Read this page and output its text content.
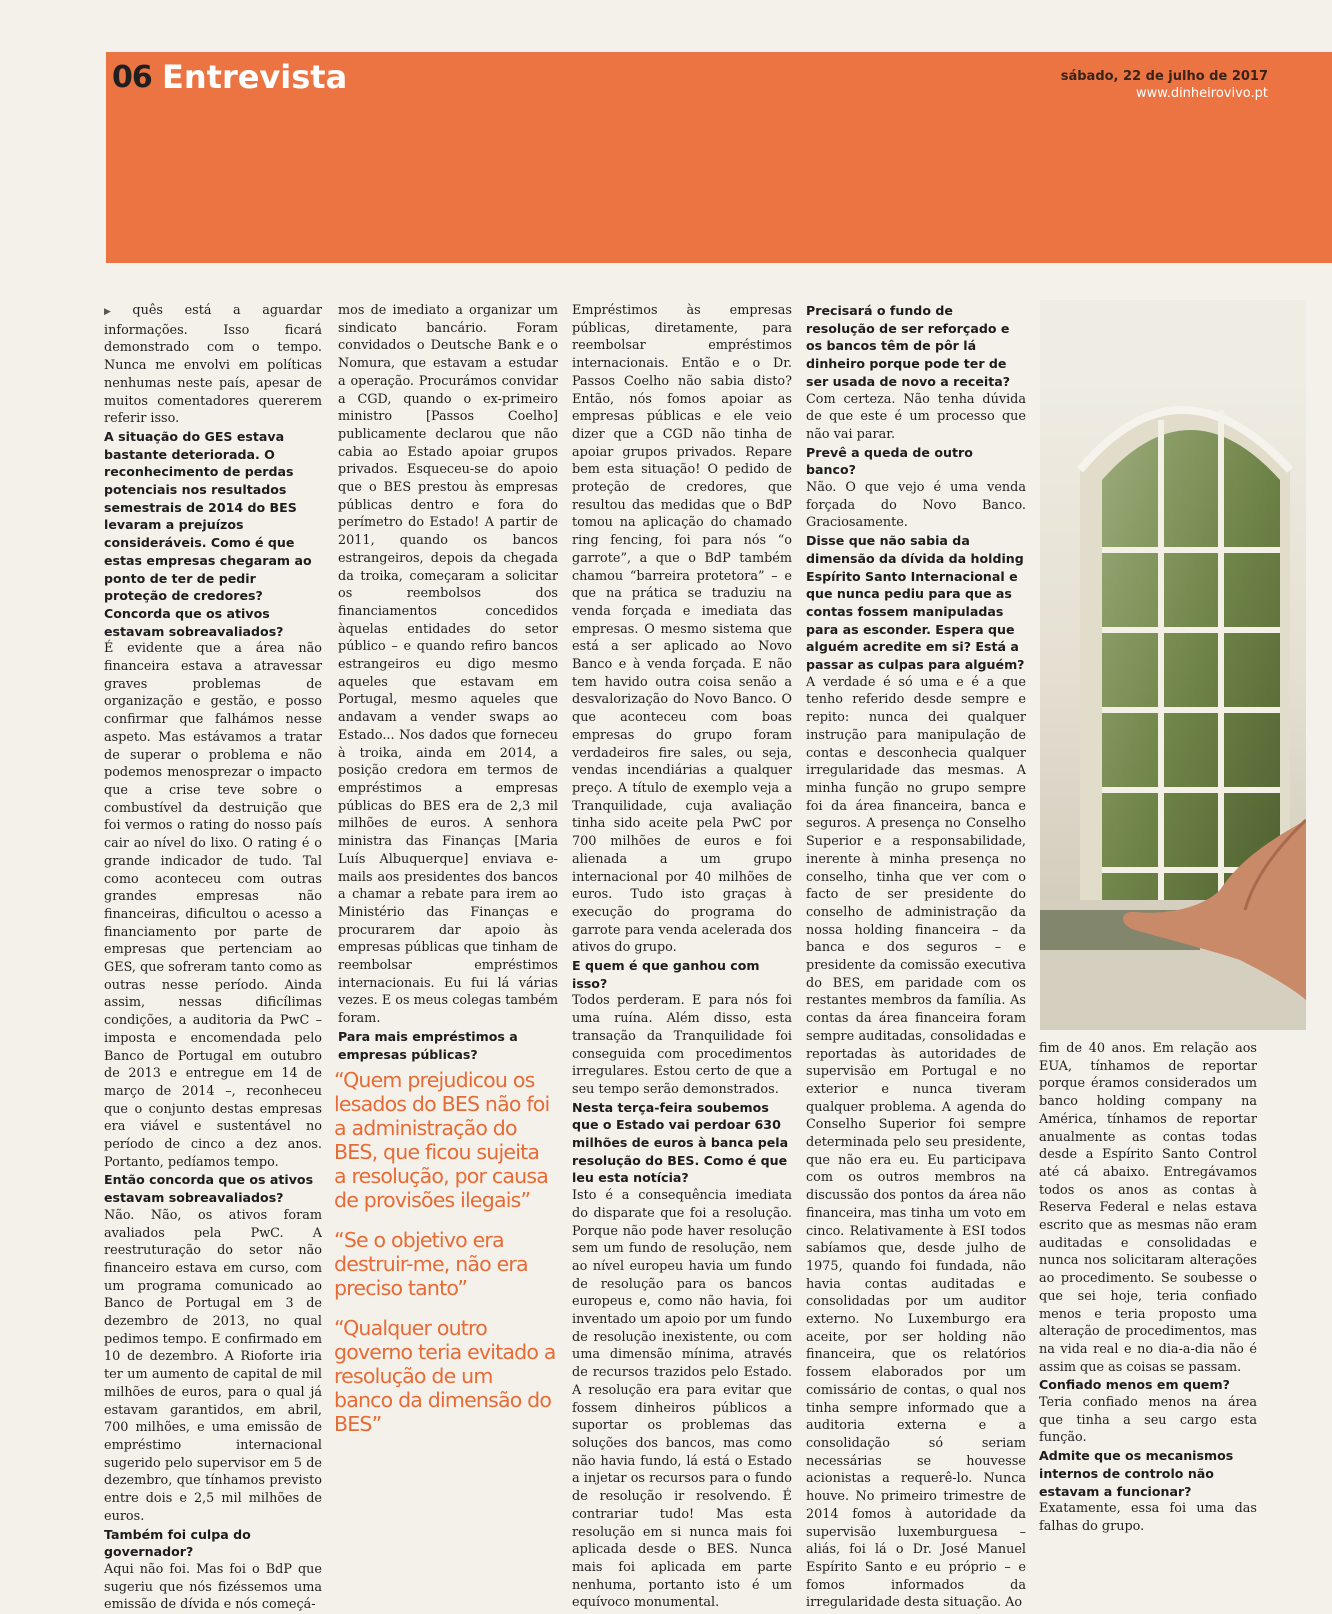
06 Entrevista	sábado, 22 de julho de 2017
www.dinheirovivo.pt

▶ quês está a aguardar informações. Isso ficará demonstrado com o tempo. Nunca me envolvi em políticas nenhumas neste país, apesar de muitos comentadores quererem referir isso.

A situação do GES estava bastante deteriorada. O reconhecimento de perdas potenciais nos resultados semestrais de 2014 do BES levaram a prejuízos consideráveis. Como é que estas empresas chegaram ao ponto de ter de pedir proteção de credores? Concorda que os ativos estavam sobreavaliados?

É evidente que a área não financeira estava a atravessar graves problemas de organização e gestão, e posso confirmar que falhámos nesse aspeto. Mas estávamos a tratar de superar o problema e não podemos menosprezar o impacto que a crise teve sobre o combustível da destruição que foi vermos o rating do nosso país cair ao nível do lixo. O rating é o grande indicador de tudo. Tal como aconteceu com outras grandes empresas não financeiras, dificultou o acesso a financiamento por parte de empresas que pertenciam ao GES, que sofreram tanto como as outras nesse período. Ainda assim, nessas dificílimas condições, a auditoria da PwC – imposta e encomendada pelo Banco de Portugal em outubro de 2013 e entregue em 14 de março de 2014 –, reconheceu que o conjunto destas empresas era viável e sustentável no período de cinco a dez anos. Portanto, pedíamos tempo.

Então concorda que os ativos estavam sobreavaliados?

Não. Não, os ativos foram avaliados pela PwC. A reestruturação do setor não financeiro estava em curso, com um programa comunicado ao Banco de Portugal em 3 de dezembro de 2013, no qual pedimos tempo. E confirmado em 10 de dezembro. A Rioforte iria ter um aumento de capital de mil milhões de euros, para o qual já estavam garantidos, em abril, 700 milhões, e uma emissão de empréstimo internacional sugerido pelo supervisor em 5 de dezembro, que tínhamos previsto entre dois e 2,5 mil milhões de euros.

Também foi culpa do governador?

Aqui não foi. Mas foi o BdP que sugeriu que nós fizéssemos uma emissão de dívida e nós começá-

mos de imediato a organizar um sindicato bancário. Foram convidados o Deutsche Bank e o Nomura, que estavam a estudar a operação. Procurámos convidar a CGD, quando o ex-primeiro ministro [Passos Coelho] publicamente declarou que não cabia ao Estado apoiar grupos privados. Esqueceu-se do apoio que o BES prestou às empresas públicas dentro e fora do perímetro do Estado! A partir de 2011, quando os bancos estrangeiros, depois da chegada da troika, começaram a solicitar os reembolsos dos financiamentos concedidos àquelas entidades do setor público – e quando refiro bancos estrangeiros eu digo mesmo aqueles que estavam em Portugal, mesmo aqueles que andavam a vender swaps ao Estado... Nos dados que forneceu à troika, ainda em 2014, a posição credora em termos de empréstimos a empresas públicas do BES era de 2,3 mil milhões de euros. A senhora ministra das Finanças [Maria Luís Albuquerque] enviava e-mails aos presidentes dos bancos a chamar a rebate para irem ao Ministério das Finanças e procurarem dar apoio às empresas públicas que tinham de reembolsar empréstimos internacionais. Eu fui lá várias vezes. E os meus colegas também foram.

Para mais empréstimos a empresas públicas?

“Quem prejudicou os lesados do BES não foi a administração do BES, que ficou sujeita a resolução, por causa de provisões ilegais”

“Se o objetivo era destruir-me, não era preciso tanto”

“Qualquer outro governo teria evitado a resolução de um banco da dimensão do BES”

Empréstimos às empresas públicas, diretamente, para reembolsar empréstimos internacionais. Então e o Dr. Passos Coelho não sabia disto? Então, nós fomos apoiar as empresas públicas e ele veio dizer que a CGD não tinha de apoiar grupos privados. Repare bem esta situação! O pedido de proteção de credores, que resultou das medidas que o BdP tomou na aplicação do chamado ring fencing, foi para nós “o garrote”, a que o BdP também chamou “barreira protetora” – e que na prática se traduziu na venda forçada e imediata das empresas. O mesmo sistema que está a ser aplicado ao Novo Banco e à venda forçada. E não tem havido outra coisa senão a desvalorização do Novo Banco. O que aconteceu com boas empresas do grupo foram verdadeiros fire sales, ou seja, vendas incendiárias a qualquer preço. A título de exemplo veja a Tranquilidade, cuja avaliação tinha sido aceite pela PwC por 700 milhões de euros e foi alienada a um grupo internacional por 40 milhões de euros. Tudo isto graças à execução do programa do garrote para venda acelerada dos ativos do grupo.

E quem é que ganhou com isso?

Todos perderam. E para nós foi uma ruína. Além disso, esta transação da Tranquilidade foi conseguida com procedimentos irregulares. Estou certo de que a seu tempo serão demonstrados.

Nesta terça-feira soubemos que o Estado vai perdoar 630 milhões de euros à banca pela resolução do BES. Como é que leu esta notícia?

Isto é a consequência imediata do disparate que foi a resolução. Porque não pode haver resolução sem um fundo de resolução, nem ao nível europeu havia um fundo de resolução para os bancos europeus e, como não havia, foi inventado um apoio por um fundo de resolução inexistente, ou com uma dimensão mínima, através de recursos trazidos pelo Estado. A resolução era para evitar que fossem dinheiros públicos a suportar os problemas das soluções dos bancos, mas como não havia fundo, lá está o Estado a injetar os recursos para o fundo de resolução ir resolvendo. É contrariar tudo! Mas esta resolução em si nunca mais foi aplicada desde o BES. Nunca mais foi aplicada em parte nenhuma, portanto isto é um equívoco monumental.

Precisará o fundo de resolução de ser reforçado e os bancos têm de pôr lá dinheiro porque pode ter de ser usada de novo a receita?

Com certeza. Não tenha dúvida de que este é um processo que não vai parar.

Prevê a queda de outro banco?

Não. O que vejo é uma venda forçada do Novo Banco. Graciosamente.

Disse que não sabia da dimensão da dívida da holding Espírito Santo Internacional e que nunca pediu para que as contas fossem manipuladas para as esconder. Espera que alguém acredite em si? Está a passar as culpas para alguém?

A verdade é só uma e é a que tenho referido desde sempre e repito: nunca dei qualquer instrução para manipulação de contas e desconhecia qualquer irregularidade das mesmas. A minha função no grupo sempre foi da área financeira, banca e seguros. A presença no Conselho Superior e a responsabilidade, inerente à minha presença no conselho, tinha que ver com o facto de ser presidente do conselho de administração da nossa holding financeira – da banca e dos seguros – e presidente da comissão executiva do BES, em paridade com os restantes membros da família. As contas da área financeira foram sempre auditadas, consolidadas e reportadas às autoridades de supervisão em Portugal e no exterior e nunca tiveram qualquer problema. A agenda do Conselho Superior foi sempre determinada pelo seu presidente, que não era eu. Eu participava com os outros membros na discussão dos pontos da área não financeira, mas tinha um voto em cinco. Relativamente à ESI todos sabíamos que, desde julho de 1975, quando foi fundada, não havia contas auditadas e consolidadas por um auditor externo. No Luxemburgo era aceite, por ser holding não financeira, que os relatórios fossem elaborados por um comissário de contas, o qual nos tinha sempre informado que a auditoria externa e a consolidação só seriam necessárias se houvesse acionistas a requerê-lo. Nunca houve. No primeiro trimestre de 2014 fomos à autoridade da supervisão luxemburguesa – aliás, foi lá o Dr. José Manuel Espírito Santo e eu próprio – e fomos informados da irregularidade desta situação. Ao

fim de 40 anos. Em relação aos EUA, tínhamos de reportar porque éramos considerados um banco holding company na América, tínhamos de reportar anualmente as contas todas desde a Espírito Santo Control até cá abaixo. Entregávamos todos os anos as contas à Reserva Federal e nelas estava escrito que as mesmas não eram auditadas e consolidadas e nunca nos solicitaram alterações ao procedimento. Se soubesse o que sei hoje, teria confiado menos e teria proposto uma alteração de procedimentos, mas na vida real e no dia-a-dia não é assim que as coisas se passam.

Confiado menos em quem?

Teria confiado menos na área que tinha a seu cargo esta função.

Admite que os mecanismos internos de controlo não estavam a funcionar?

Exatamente, essa foi uma das falhas do grupo.
